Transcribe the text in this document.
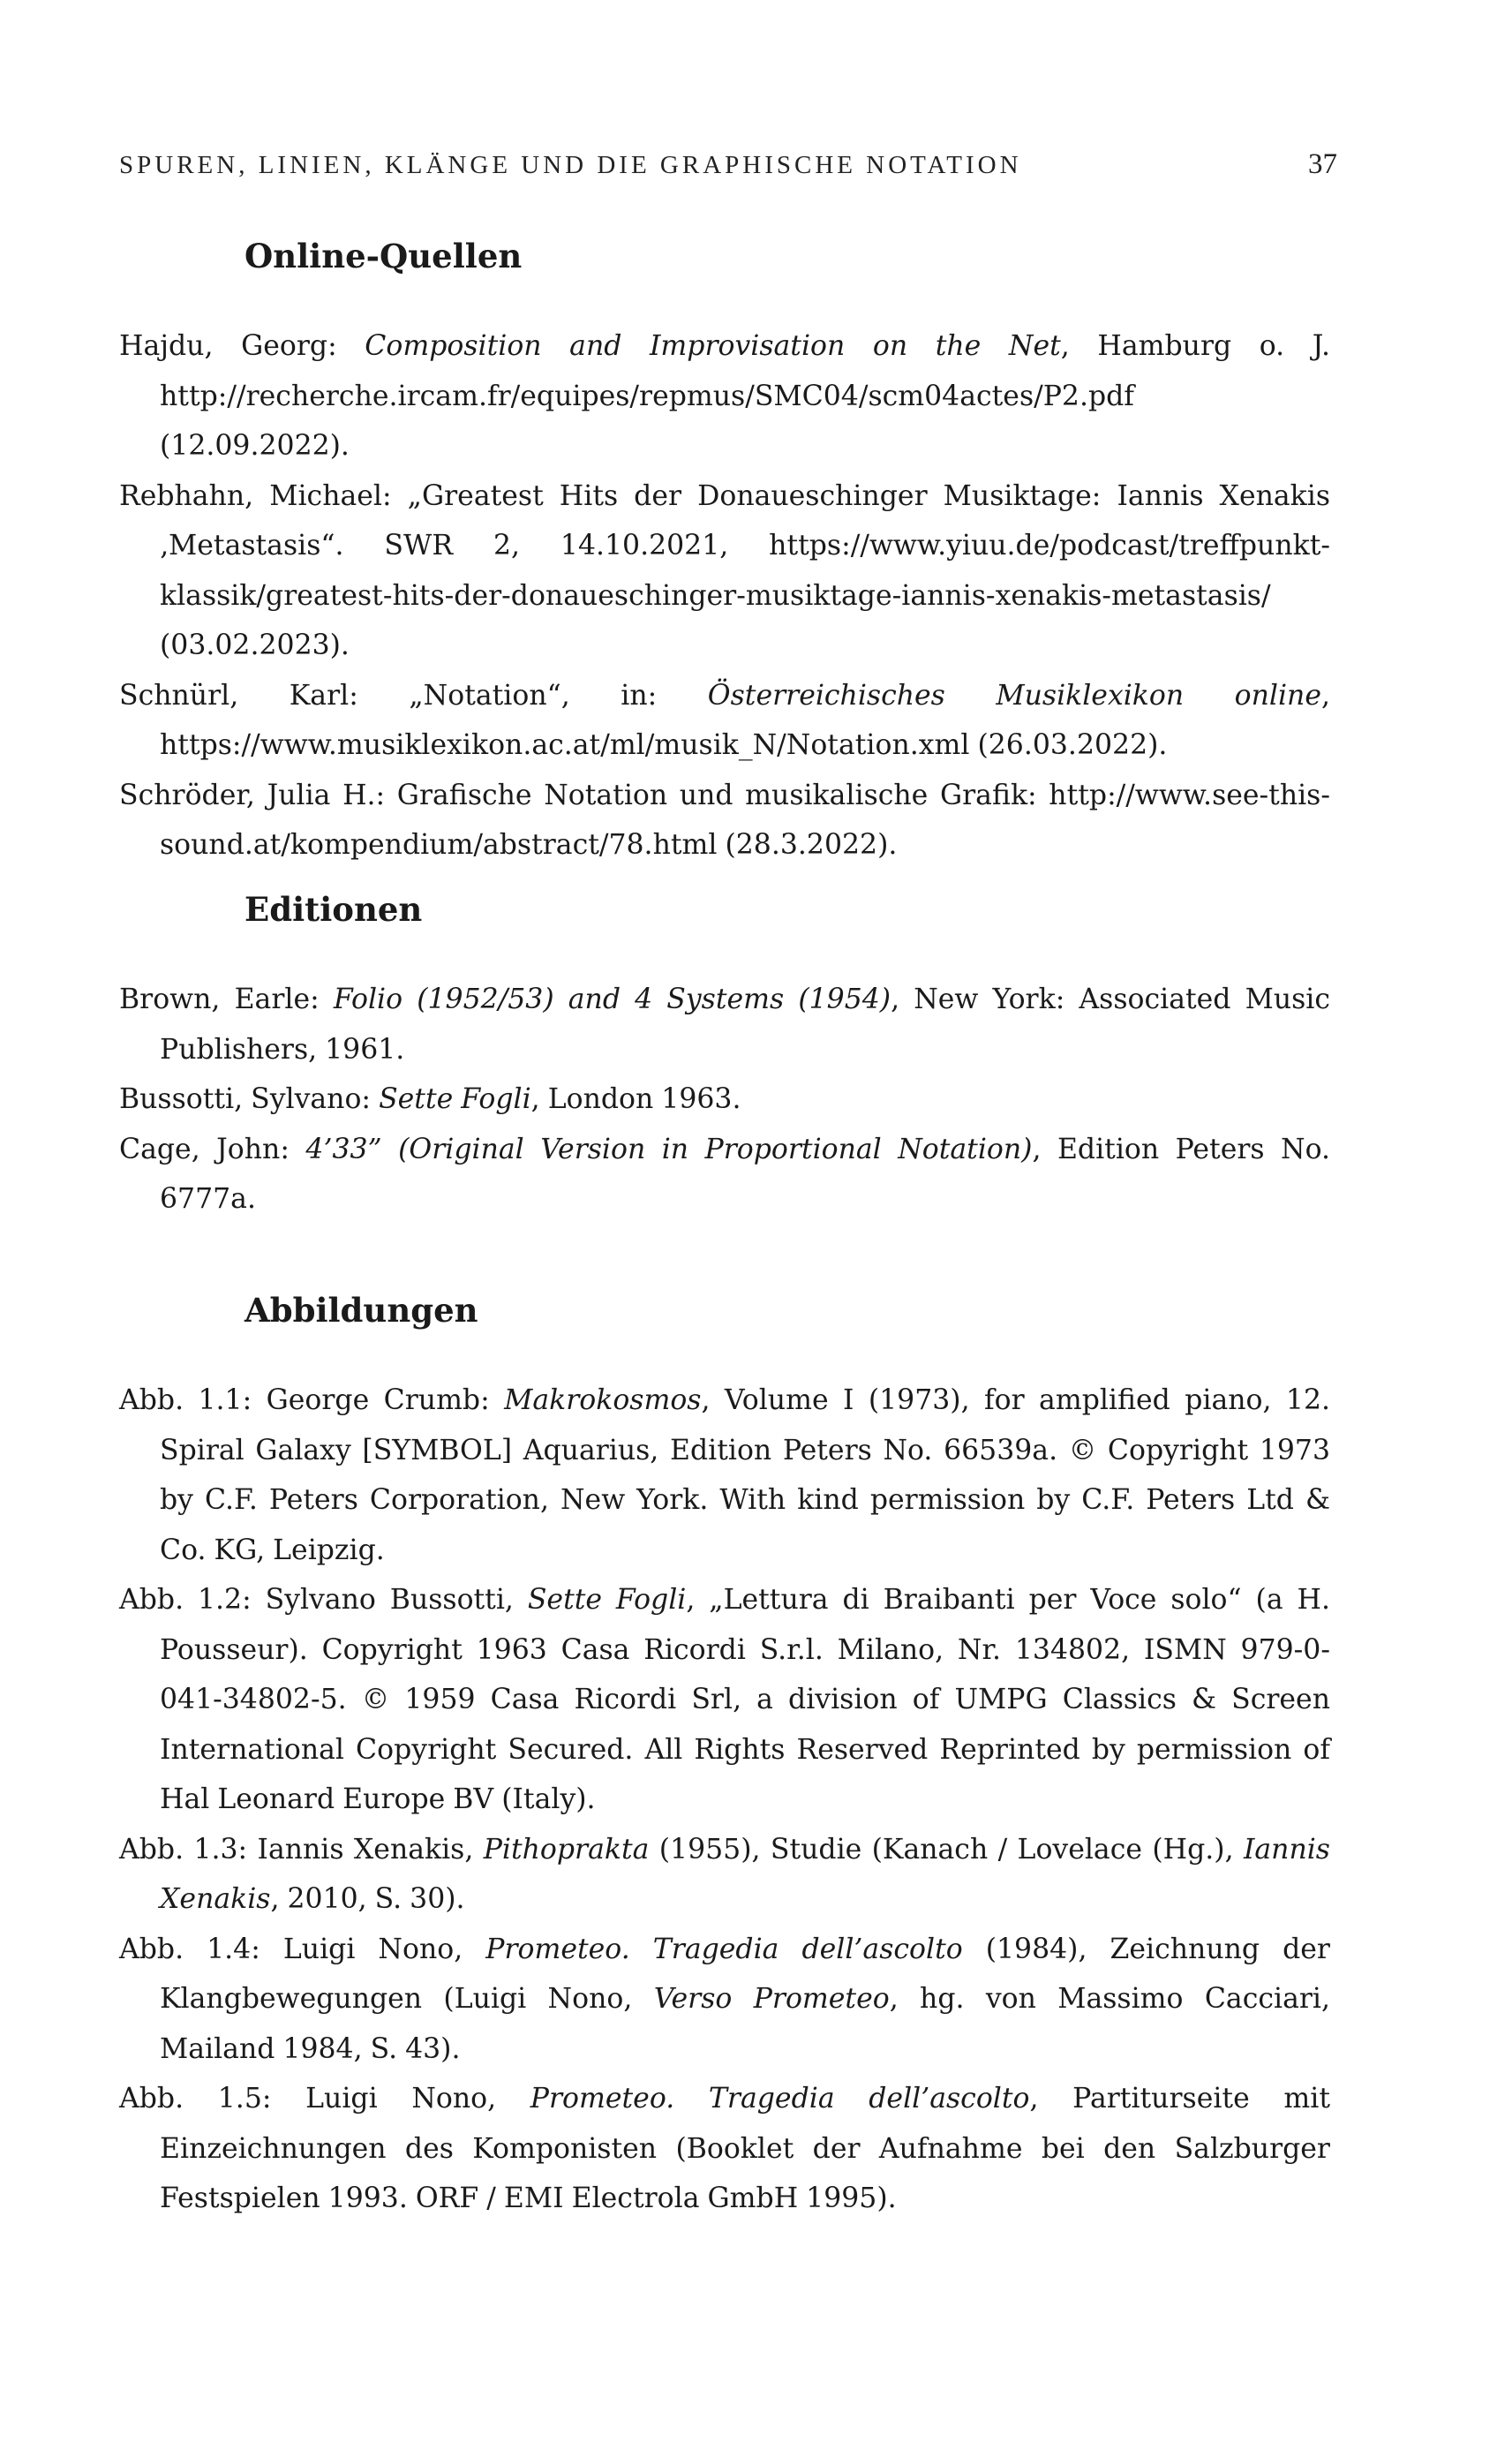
SPUREN, LINIEN, KLÄNGE UND DIE GRAPHISCHE NOTATION	37
Online-Quellen

Hajdu, Georg: Composition and Improvisation on the Net, Hamburg o. J. http://recherche.ircam.fr/equipes/repmus/SMC04/scm04actes/P2.pdf (12.09.2022).

Rebhahn, Michael: „Greatest Hits der Donaueschinger Musiktage: Iannis Xenakis ‚Metastasis“. SWR 2, 14.10.2021, https://www.yiuu.de/podcast/treffpunkt-klassik/greatest-hits-der-donaueschinger-musiktage-iannis-xenakis-metastasis/ (03.02.2023).

Schnürl, Karl: „Notation“, in: Österreichisches Musiklexikon online, https://www.musiklexikon.ac.at/ml/musik_N/Notation.xml (26.03.2022).

Schröder, Julia H.: Grafische Notation und musikalische Grafik: http://www.see-this-sound.at/kompendium/abstract/78.html (28.3.2022).

Editionen

Brown, Earle: Folio (1952/53) and 4 Systems (1954), New York: Associated Music Publishers, 1961.

Bussotti, Sylvano: Sette Fogli, London 1963.

Cage, John: 4’33” (Original Version in Proportional Notation), Edition Peters No. 6777a.

Abbildungen

Abb. 1.1: George Crumb: Makrokosmos, Volume I (1973), for amplified piano, 12. Spiral Galaxy [SYMBOL] Aquarius, Edition Peters No. 66539a. © Copyright 1973 by C.F. Peters Corporation, New York. With kind permission by C.F. Peters Ltd & Co. KG, Leipzig.

Abb. 1.2: Sylvano Bussotti, Sette Fogli, „Lettura di Braibanti per Voce solo“ (a H. Pousseur). Copyright 1963 Casa Ricordi S.r.l. Milano, Nr. 134802, ISMN 979-0-041-34802-5. © 1959 Casa Ricordi Srl, a division of UMPG Classics & Screen International Copyright Secured. All Rights Reserved Reprinted by permission of Hal Leonard Europe BV (Italy).

Abb. 1.3: Iannis Xenakis, Pithoprakta (1955), Studie (Kanach / Lovelace (Hg.), Iannis Xenakis, 2010, S. 30).

Abb. 1.4: Luigi Nono, Prometeo. Tragedia dell’ascolto (1984), Zeichnung der Klangbewegungen (Luigi Nono, Verso Prometeo, hg. von Massimo Cacciari, Mailand 1984, S. 43).

Abb. 1.5: Luigi Nono, Prometeo. Tragedia dell’ascolto, Partiturseite mit Einzeichnungen des Komponisten (Booklet der Aufnahme bei den Salzburger Festspielen 1993. ORF / EMI Electrola GmbH 1995).
